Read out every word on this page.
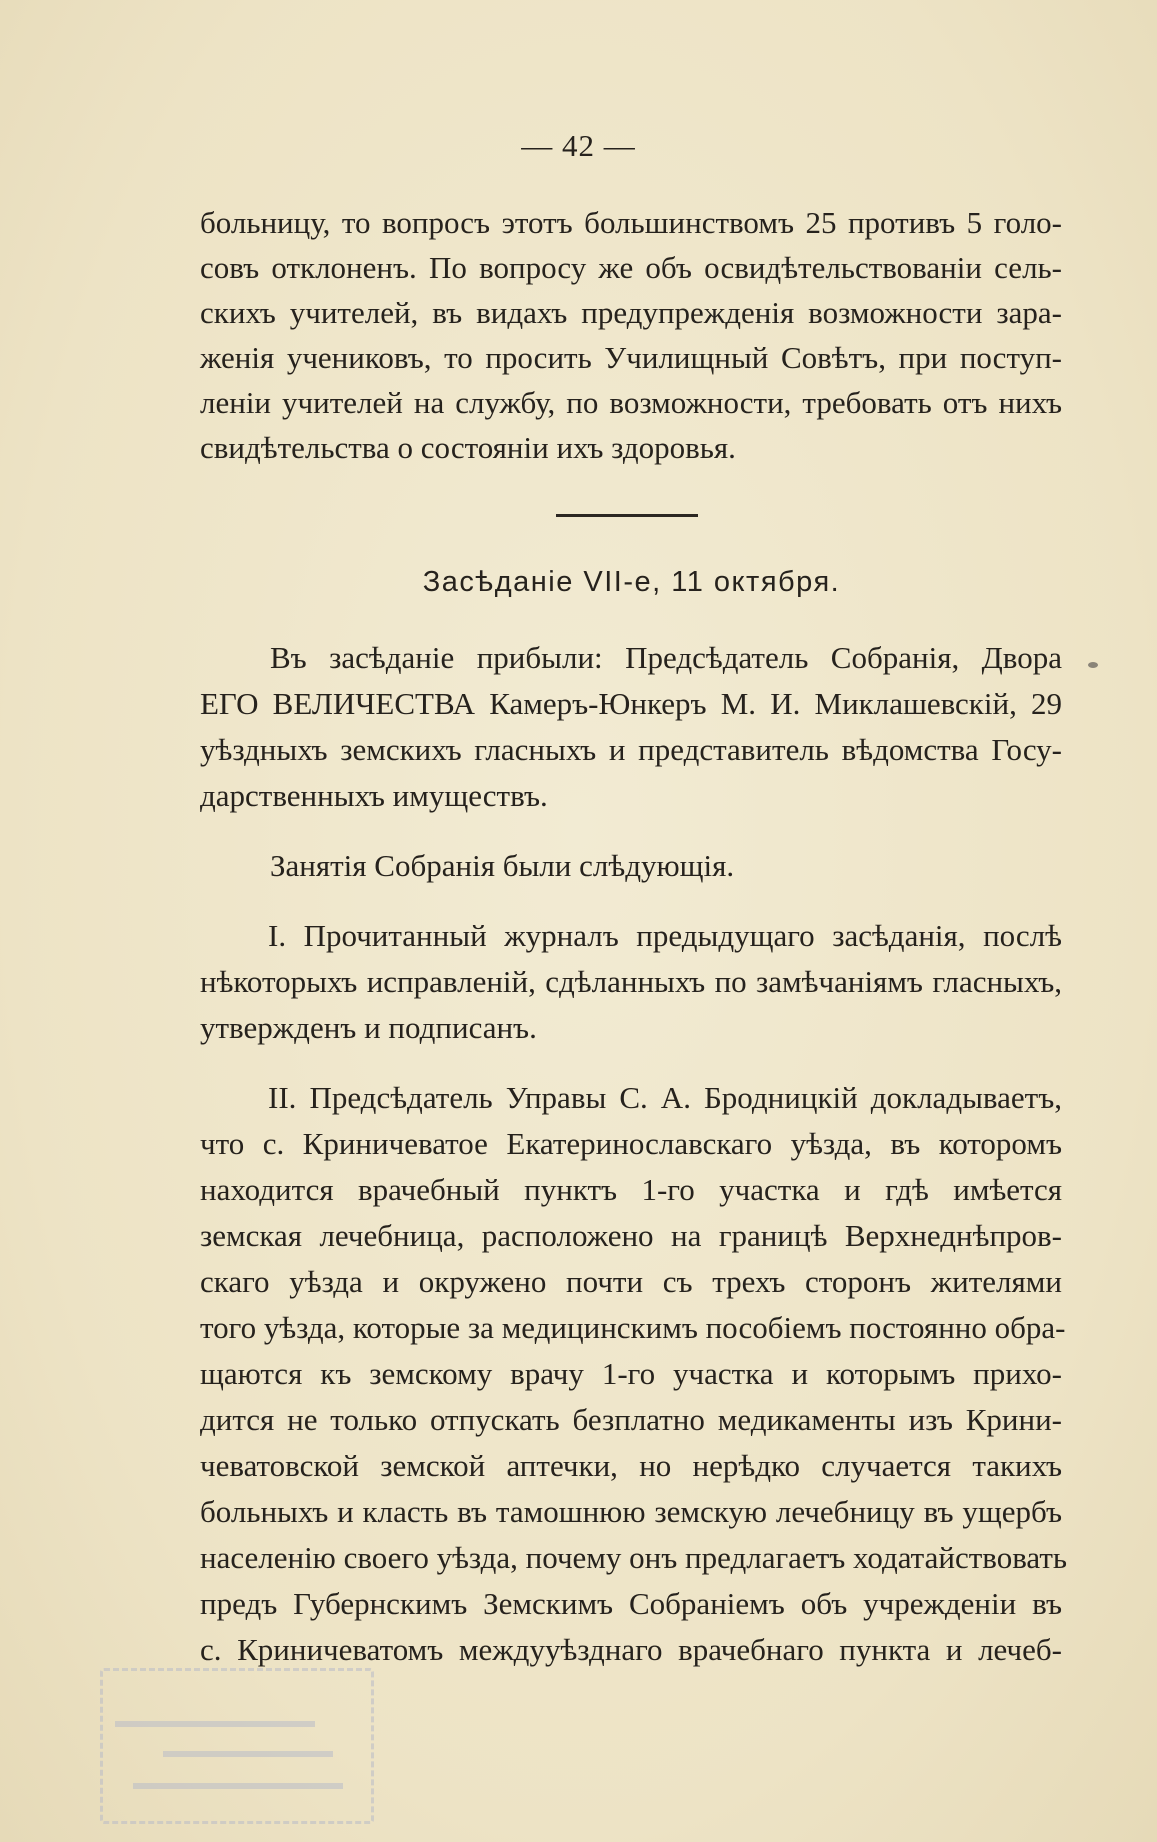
— 42 —
больницу, то вопросъ этотъ большинствомъ 25 противъ 5 голо-
совъ отклоненъ. По вопросу же объ освидѣтельствованіи сель-
скихъ учителей, въ видахъ предупрежденія возможности зара-
женія учениковъ, то просить Училищный Совѣтъ, при поступ-
леніи учителей на службу, по возможности, требовать отъ нихъ
свидѣтельства о состояніи ихъ здоровья.
Засѣданіе VII-е, 11 октября.
Въ засѣданіе прибыли: Предсѣдатель Собранія, Двора
ЕГО ВЕЛИЧЕСТВА Камеръ-Юнкеръ М. И. Миклашевскій, 29
уѣздныхъ земскихъ гласныхъ и представитель вѣдомства Госу-
дарственныхъ имуществъ.
Занятія Собранія были слѣдующія.
I. Прочитанный журналъ предыдущаго засѣданія, послѣ
нѣкоторыхъ исправленій, сдѣланныхъ по замѣчаніямъ гласныхъ,
утвержденъ и подписанъ.
II. Предсѣдатель Управы С. А. Бродницкій докладываетъ,
что с. Криничеватое Екатеринославскаго уѣзда, въ которомъ
находится врачебный пунктъ 1-го участка и гдѣ имѣется
земская лечебница, расположено на границѣ Верхнеднѣпров-
скаго уѣзда и окружено почти съ трехъ сторонъ жителями
того уѣзда, которые за медицинскимъ пособіемъ постоянно обра-
щаются къ земскому врачу 1-го участка и которымъ прихо-
дится не только отпускать безплатно медикаменты изъ Крини-
чеватовской земской аптечки, но нерѣдко случается такихъ
больныхъ и класть въ тамошнюю земскую лечебницу въ ущербъ
населенію своего уѣзда, почему онъ предлагаетъ ходатайствовать
предъ Губернскимъ Земскимъ Собраніемъ объ учрежденіи въ
с. Криничеватомъ междууѣзднаго врачебнаго пункта и лечеб-
